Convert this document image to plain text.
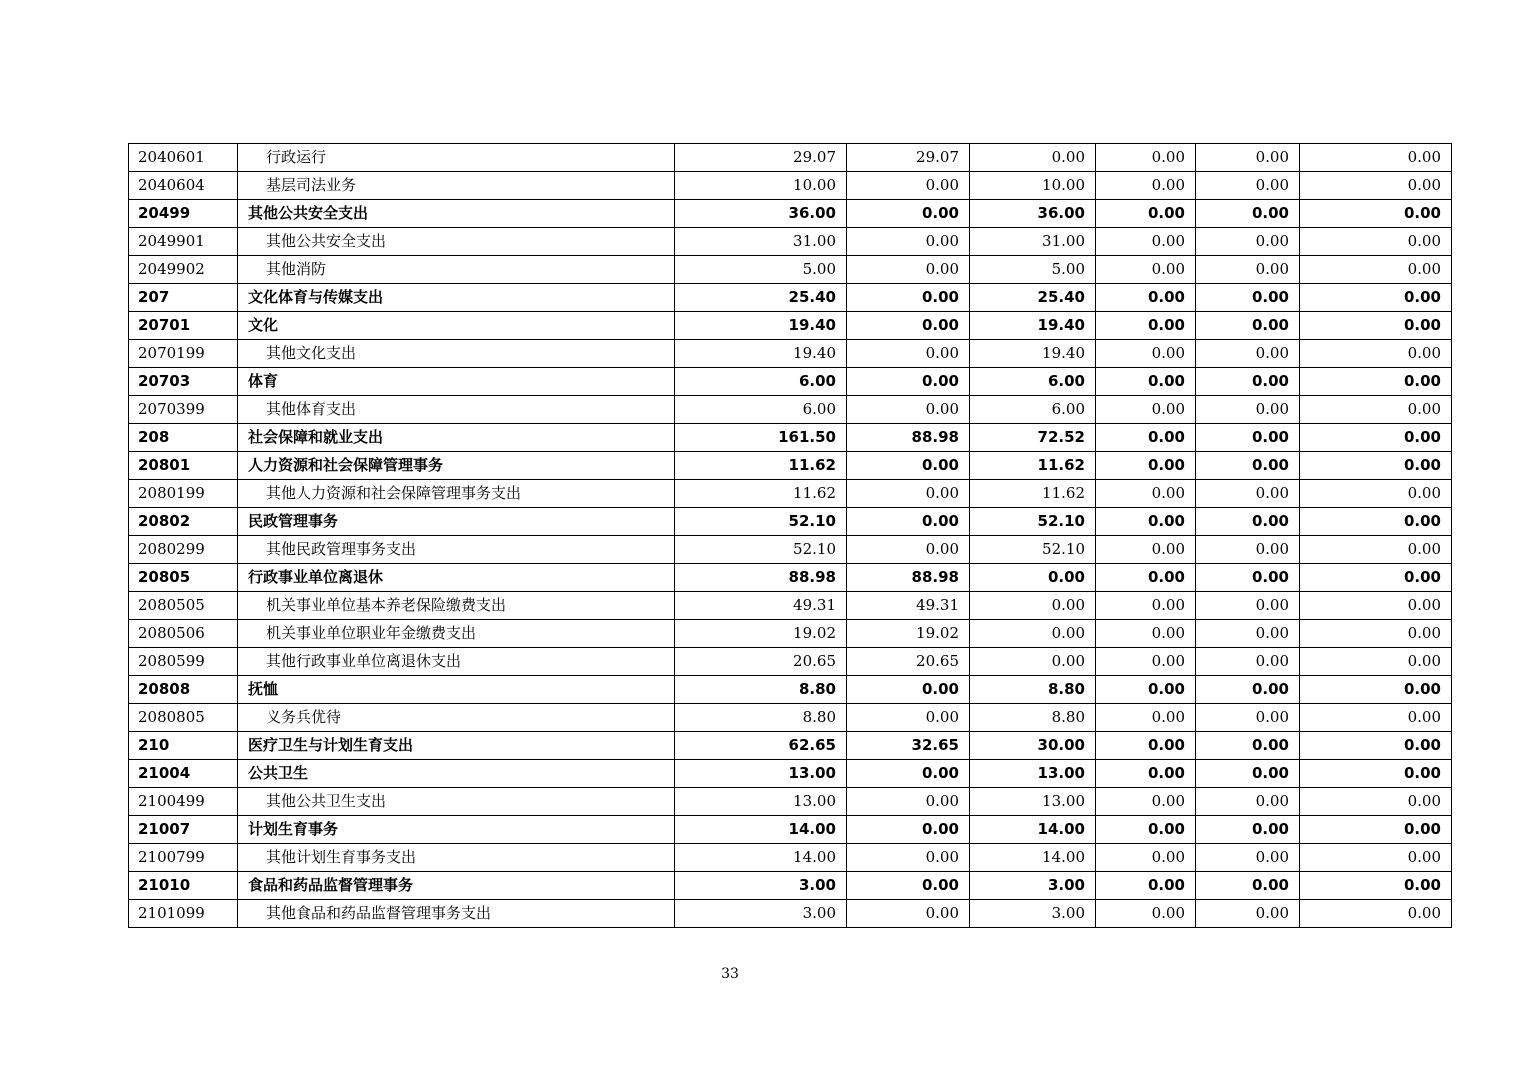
2040601	行政运行	29.07	29.07	0.00	0.00	0.00	0.00
2040604	基层司法业务	10.00	0.00	10.00	0.00	0.00	0.00
20499	其他公共安全支出	36.00	0.00	36.00	0.00	0.00	0.00
2049901	其他公共安全支出	31.00	0.00	31.00	0.00	0.00	0.00
2049902	其他消防	5.00	0.00	5.00	0.00	0.00	0.00
207	文化体育与传媒支出	25.40	0.00	25.40	0.00	0.00	0.00
20701	文化	19.40	0.00	19.40	0.00	0.00	0.00
2070199	其他文化支出	19.40	0.00	19.40	0.00	0.00	0.00
20703	体育	6.00	0.00	6.00	0.00	0.00	0.00
2070399	其他体育支出	6.00	0.00	6.00	0.00	0.00	0.00
208	社会保障和就业支出	161.50	88.98	72.52	0.00	0.00	0.00
20801	人力资源和社会保障管理事务	11.62	0.00	11.62	0.00	0.00	0.00
2080199	其他人力资源和社会保障管理事务支出	11.62	0.00	11.62	0.00	0.00	0.00
20802	民政管理事务	52.10	0.00	52.10	0.00	0.00	0.00
2080299	其他民政管理事务支出	52.10	0.00	52.10	0.00	0.00	0.00
20805	行政事业单位离退休	88.98	88.98	0.00	0.00	0.00	0.00
2080505	机关事业单位基本养老保险缴费支出	49.31	49.31	0.00	0.00	0.00	0.00
2080506	机关事业单位职业年金缴费支出	19.02	19.02	0.00	0.00	0.00	0.00
2080599	其他行政事业单位离退休支出	20.65	20.65	0.00	0.00	0.00	0.00
20808	抚恤	8.80	0.00	8.80	0.00	0.00	0.00
2080805	义务兵优待	8.80	0.00	8.80	0.00	0.00	0.00
210	医疗卫生与计划生育支出	62.65	32.65	30.00	0.00	0.00	0.00
21004	公共卫生	13.00	0.00	13.00	0.00	0.00	0.00
2100499	其他公共卫生支出	13.00	0.00	13.00	0.00	0.00	0.00
21007	计划生育事务	14.00	0.00	14.00	0.00	0.00	0.00
2100799	其他计划生育事务支出	14.00	0.00	14.00	0.00	0.00	0.00
21010	食品和药品监督管理事务	3.00	0.00	3.00	0.00	0.00	0.00
2101099	其他食品和药品监督管理事务支出	3.00	0.00	3.00	0.00	0.00	0.00
33
